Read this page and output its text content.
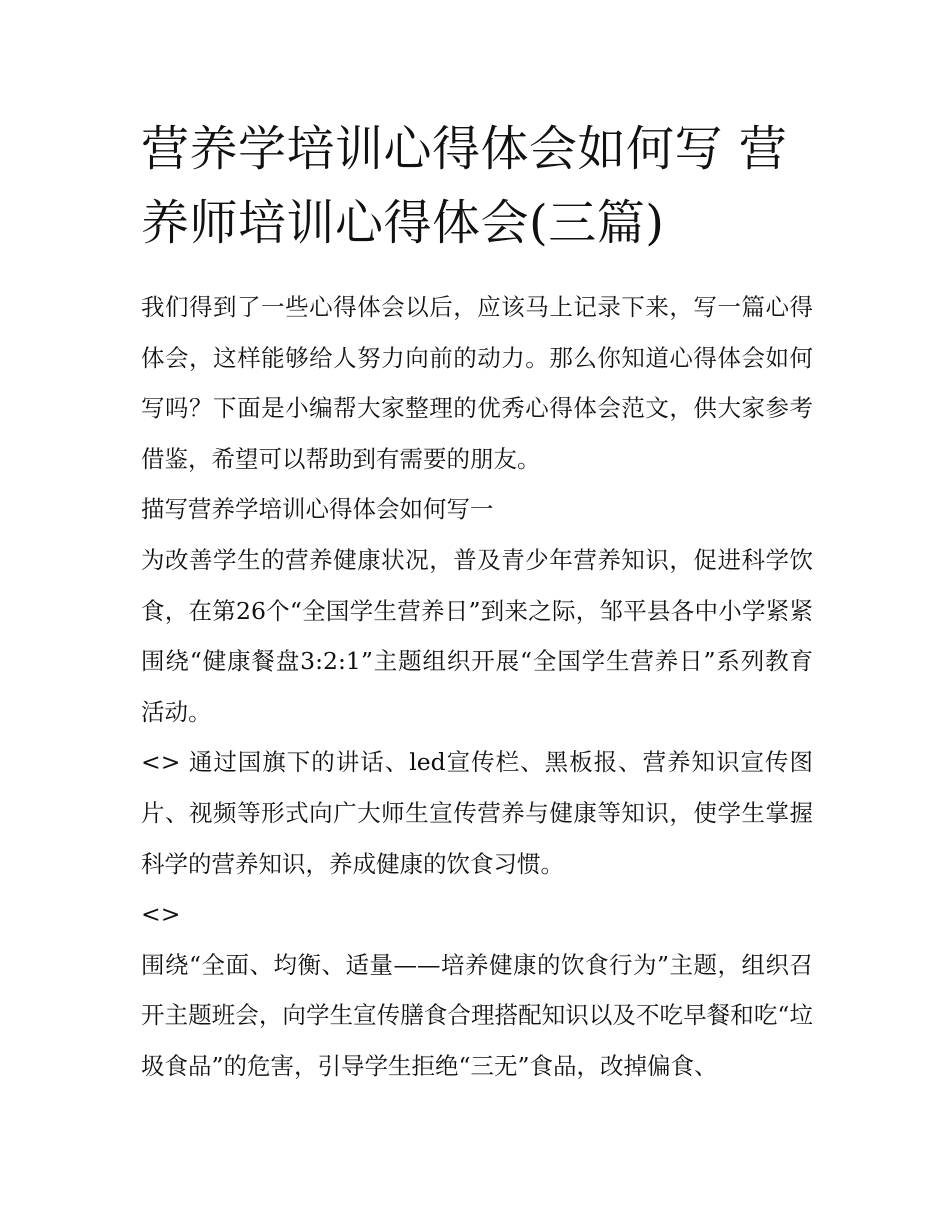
营养学培训心得体会如何写 营养师培训心得体会(三篇)

我们得到了一些心得体会以后，应该马上记录下来，写一篇心得体会，这样能够给人努力向前的动力。那么你知道心得体会如何写吗？下面是小编帮大家整理的优秀心得体会范文，供大家参考借鉴，希望可以帮助到有需要的朋友。

描写营养学培训心得体会如何写一

为改善学生的营养健康状况，普及青少年营养知识，促进科学饮食，在第26个“全国学生营养日”到来之际，邹平县各中小学紧紧围绕“健康餐盘3:2:1”主题组织开展“全国学生营养日”系列教育活动。

<> 通过国旗下的讲话、led宣传栏、黑板报、营养知识宣传图片、视频等形式向广大师生宣传营养与健康等知识，使学生掌握科学的营养知识，养成健康的饮食习惯。

<>

围绕“全面、均衡、适量——培养健康的饮食行为”主题，组织召开主题班会，向学生宣传膳食合理搭配知识以及不吃早餐和吃“垃圾食品”的危害，引导学生拒绝“三无”食品，改掉偏食、
